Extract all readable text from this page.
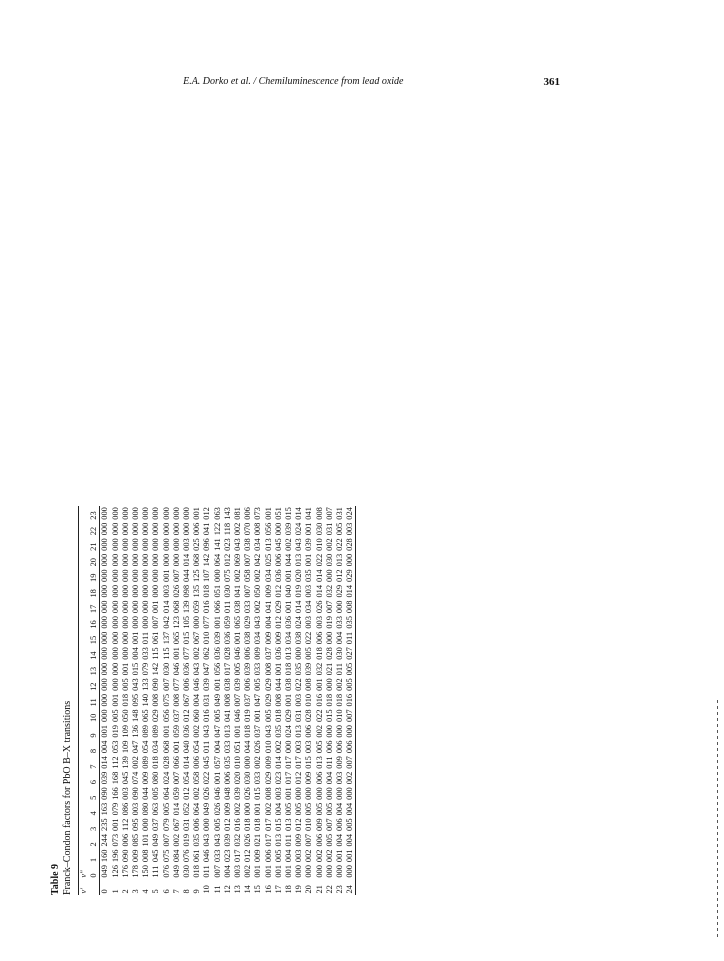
E.A. Dorko et al. / Chemiluminescence from lead oxide	361
Table 9 Franck–Condon factors for PbO B–X transitions v'	v"																							
	0	1	2	3	4	5	6	7	8	9	10	11	12	13	14	15	16	17	18	19	20	21	22	23
0	049	160	244	235	163	090	039	014	004	001	000	000	000	000	000	000	000	000	000	000	000	000	000	000
1	126	196	073	001	079	166	168	112	053	019	005	001	000	000	000	000	000	000	000	000	000	000	000	000
2	176	090	006	112	086	003	045	139	109	109	050	018	005	001	000	000	000	000	000	000	000	000	000	000
3	178	009	085	095	003	090	074	002	047	136	148	095	043	015	004	001	000	000	000	000	000	000	000	000
4	150	008	101	000	080	044	009	089	054	089	065	140	133	079	033	011	000	000	000	000	000	000	000	000
5	111	045	049	037	063	005	080	018	034	089	029	008	090	142	115	061	007	001	000	000	000	000	000	000
6	076	075	007	079	005	064	024	028	068	001	056	075	007	030	115	137	042	014	003	001	000	000	000	000
7	049	084	002	067	014	059	007	066	001	059	037	008	077	046	001	065	123	068	026	007	000	000	000	000
8	030	076	019	031	052	012	054	014	040	036	012	067	006	036	077	015	105	139	098	044	014	003	000	000
9	018	061	035	006	064	002	058	006	054	002	060	004	046	043	002	067	000	059	135	125	068	025	006	001
10	011	046	043	000	049	026	022	045	011	043	016	031	039	047	062	010	077	016	018	107	142	096	041	012
11	007	033	043	005	026	046	001	057	004	047	005	049	001	056	036	039	001	066	051	000	064	141	122	063
12	004	023	039	012	009	048	006	035	033	013	041	008	038	017	028	036	059	011	030	075	012	023	118	143
13	003	017	032	016	002	039	020	010	051	001	046	007	039	005	046	001	065	038	041	002	069	043	002	081
14	002	012	026	018	000	026	030	000	044	018	019	037	006	039	006	038	029	033	007	058	007	038	070	006
15	001	009	021	018	001	015	033	002	026	037	001	047	005	033	009	034	043	002	050	002	042	034	008	073
16	001	006	017	017	002	008	029	009	010	043	005	029	029	008	037	009	004	041	009	034	025	013	056	001
17	001	005	013	015	004	003	023	014	002	035	018	008	044	001	036	009	012	029	012	036	006	045	000	051
18	001	004	011	013	005	001	017	017	000	024	029	001	038	018	013	034	036	001	040	001	044	002	039	015
19	000	003	009	012	005	000	012	017	003	013	031	003	022	035	000	038	024	014	019	020	013	043	024	014
20	000	002	007	010	005	000	009	015	003	006	028	010	008	039	005	022	003	034	003	035	001	039	001	041
21	000	002	006	009	005	000	006	013	005	002	022	016	001	032	018	006	003	026	014	014	022	010	030	008
22	000	002	005	007	005	000	004	011	006	000	015	018	000	021	028	000	019	007	032	000	030	002	031	007
23	000	001	004	006	004	000	003	009	006	000	010	018	002	011	030	004	033	000	029	012	013	022	005	031
24	000	001	004	005	004	000	002	007	006	000	007	016	005	005	027	011	035	008	014	029	000	028	003	024
